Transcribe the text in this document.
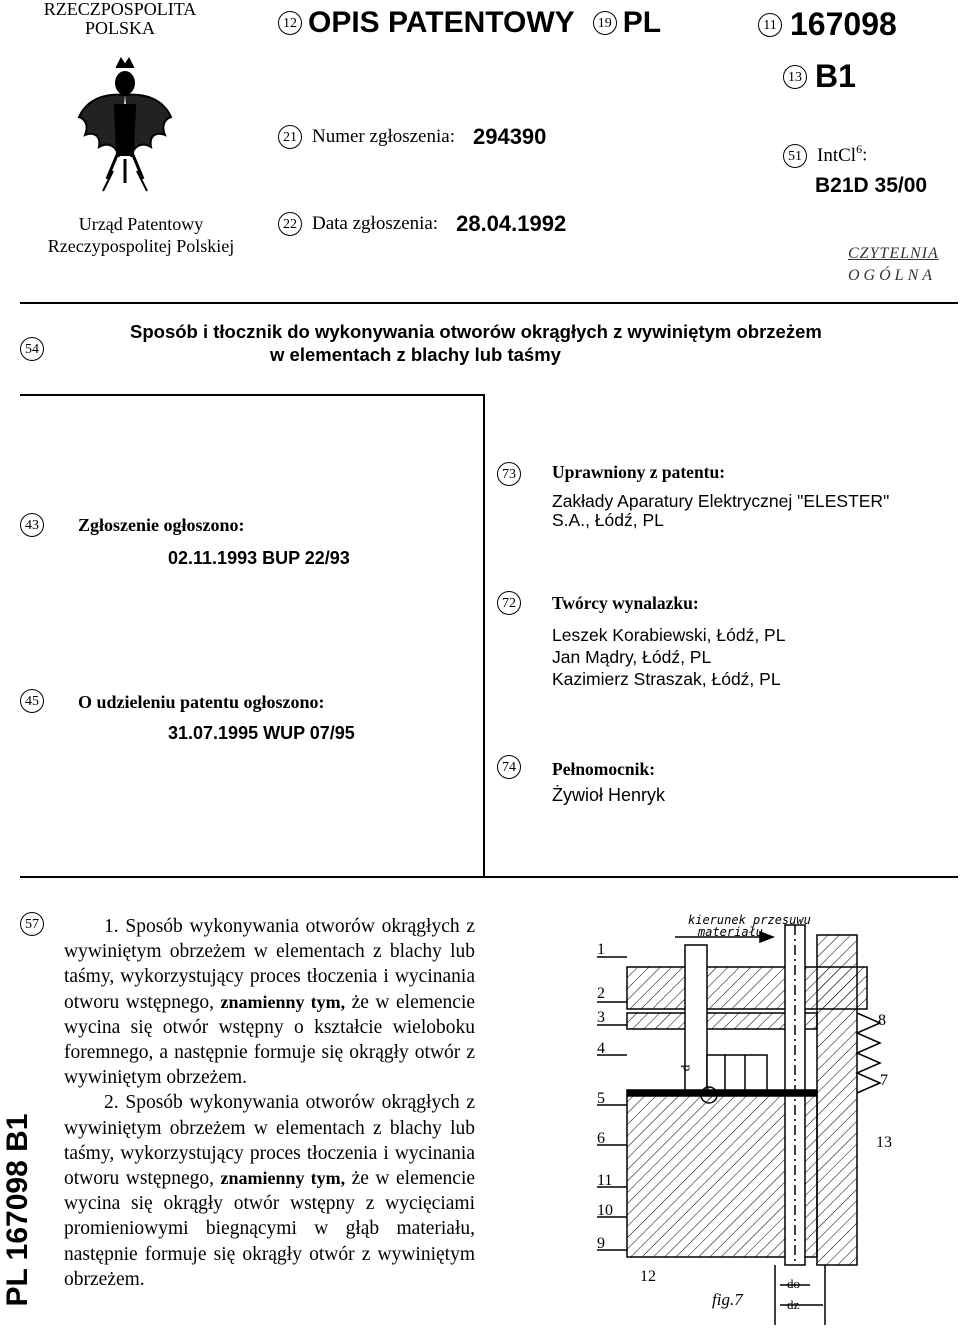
RZECZPOSPOLITA
POLSKA
Urząd Patentowy
Rzeczypospolitej Polskiej
12 OPIS PATENTOWY 19 PL	11 167098
13 B1
21 Numer zgłoszenia: 294390
22 Data zgłoszenia: 28.04.1992
51 IntCl$^6$:
B21D 35/00
CZYTELNIA
OGÓLNA
54
Sposób i tłocznik do wykonywania otworów okrągłych z wywiniętym obrzeżem
w elementach z blachy lub taśmy
43 Zgłoszenie ogłoszono:
02.11.1993 BUP 22/93
45 O udzieleniu patentu ogłoszono:
31.07.1995 WUP 07/95
73 Uprawniony z patentu:
Zakłady Aparatury Elektrycznej "ELESTER"
S.A., Łódź, PL
72 Twórcy wynalazku:
Leszek Korabiewski, Łódź, PL
Jan Mądry, Łódź, PL
Kazimierz Straszak, Łódź, PL
74 Pełnomocnik:
Żywioł Henryk
57	1. Sposób wykonywania otworów okrągłych z wywiniętym obrzeżem w elementach z blachy lub taśmy, wykorzystujący proces tłoczenia i wycinania otworu wstępnego, znamienny tym, że w elemencie wycina się otwór wstępny o kształcie wieloboku foremnego, a następnie formuje się okrągły otwór z wywiniętym obrzeżem.
2. Sposób wykonywania otworów okrągłych z wywiniętym obrzeżem w elementach z blachy lub taśmy, wykorzystujący proces tłoczenia i wycinania otworu wstępnego, znamienny tym, że w elemencie wycina się okrągły otwór wstępny z wycięciami promieniowymi biegnącymi w głąb materiału, następnie formuje się okrągły otwór z wywiniętym obrzeżem.
PL 167098 B1
kierunek przesuwu
materiału
1
2
3
4
5
6
11
10
9
12
8
7
13
d
do
dz
fig.7
